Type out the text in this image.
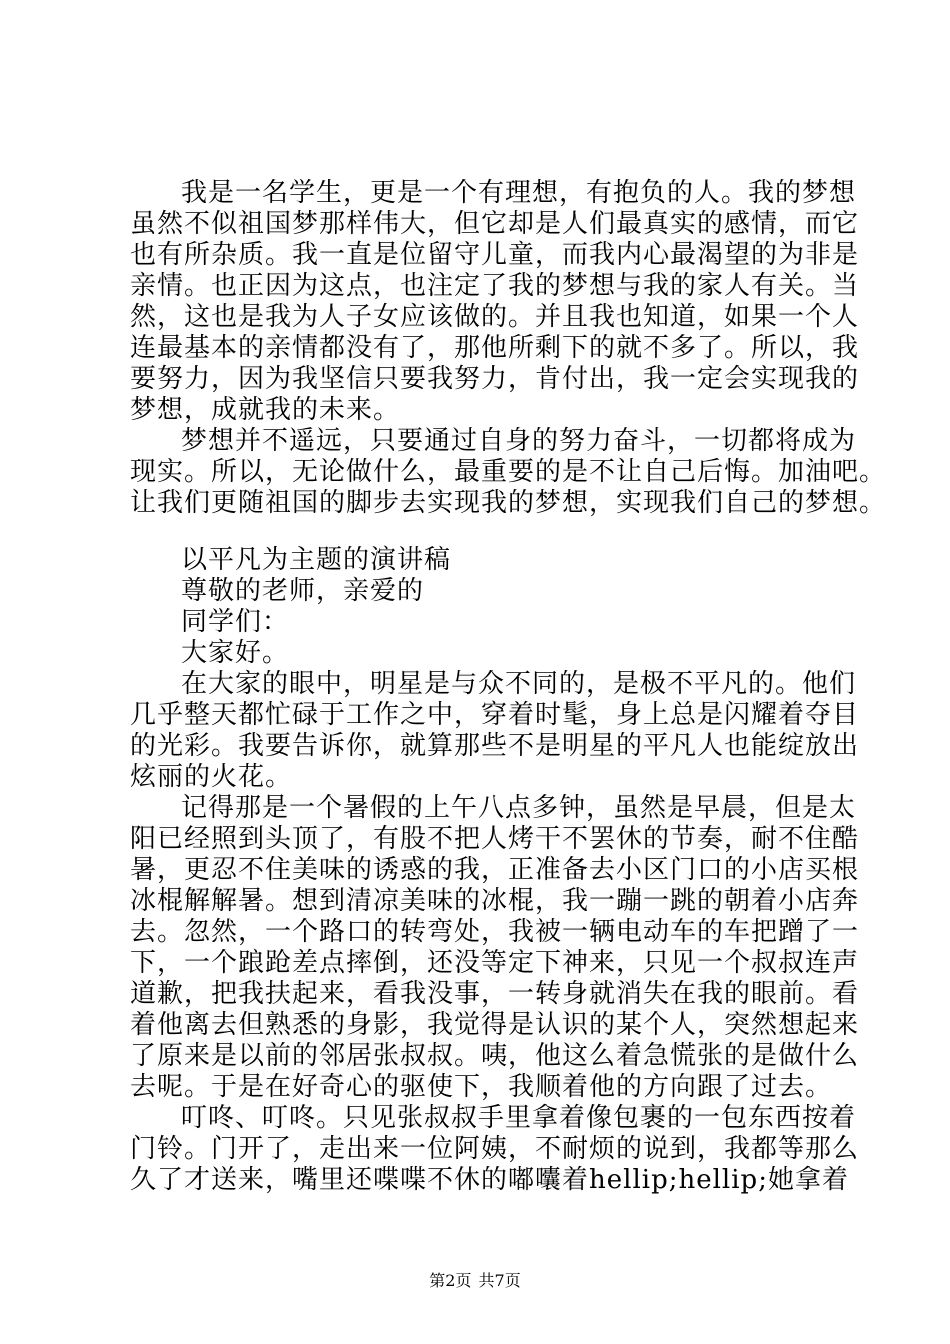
我是一名学生，更是一个有理想，有抱负的人。我的梦想
虽然不似祖国梦那样伟大，但它却是人们最真实的感情，而它
也有所杂质。我一直是位留守儿童，而我内心最渴望的为非是
亲情。也正因为这点，也注定了我的梦想与我的家人有关。当
然，这也是我为人子女应该做的。并且我也知道，如果一个人
连最基本的亲情都没有了，那他所剩下的就不多了。所以，我
要努力，因为我坚信只要我努力，肯付出，我一定会实现我的
梦想，成就我的未来。
梦想并不遥远，只要通过自身的努力奋斗，一切都将成为
现实。所以，无论做什么，最重要的是不让自己后悔。加油吧。
让我们更随祖国的脚步去实现我的梦想，实现我们自己的梦想。
以平凡为主题的演讲稿
尊敬的老师，亲爱的
同学们：
大家好。
在大家的眼中，明星是与众不同的，是极不平凡的。他们
几乎整天都忙碌于工作之中，穿着时髦，身上总是闪耀着夺目
的光彩。我要告诉你，就算那些不是明星的平凡人也能绽放出
炫丽的火花。
记得那是一个暑假的上午八点多钟，虽然是早晨，但是太
阳已经照到头顶了，有股不把人烤干不罢休的节奏，耐不住酷
暑，更忍不住美味的诱惑的我，正准备去小区门口的小店买根
冰棍解解暑。想到清凉美味的冰棍，我一蹦一跳的朝着小店奔
去。忽然，一个路口的转弯处，我被一辆电动车的车把蹭了一
下，一个踉跄差点摔倒，还没等定下神来，只见一个叔叔连声
道歉，把我扶起来，看我没事，一转身就消失在我的眼前。看
着他离去但熟悉的身影，我觉得是认识的某个人，突然想起来
了原来是以前的邻居张叔叔。咦，他这么着急慌张的是做什么
去呢。于是在好奇心的驱使下，我顺着他的方向跟了过去。
叮咚、叮咚。只见张叔叔手里拿着像包裹的一包东西按着
门铃。门开了，走出来一位阿姨，不耐烦的说到，我都等那么
久了才送来，嘴里还喋喋不休的嘟囔着hellip;hellip;她拿着
第2页 共7页
